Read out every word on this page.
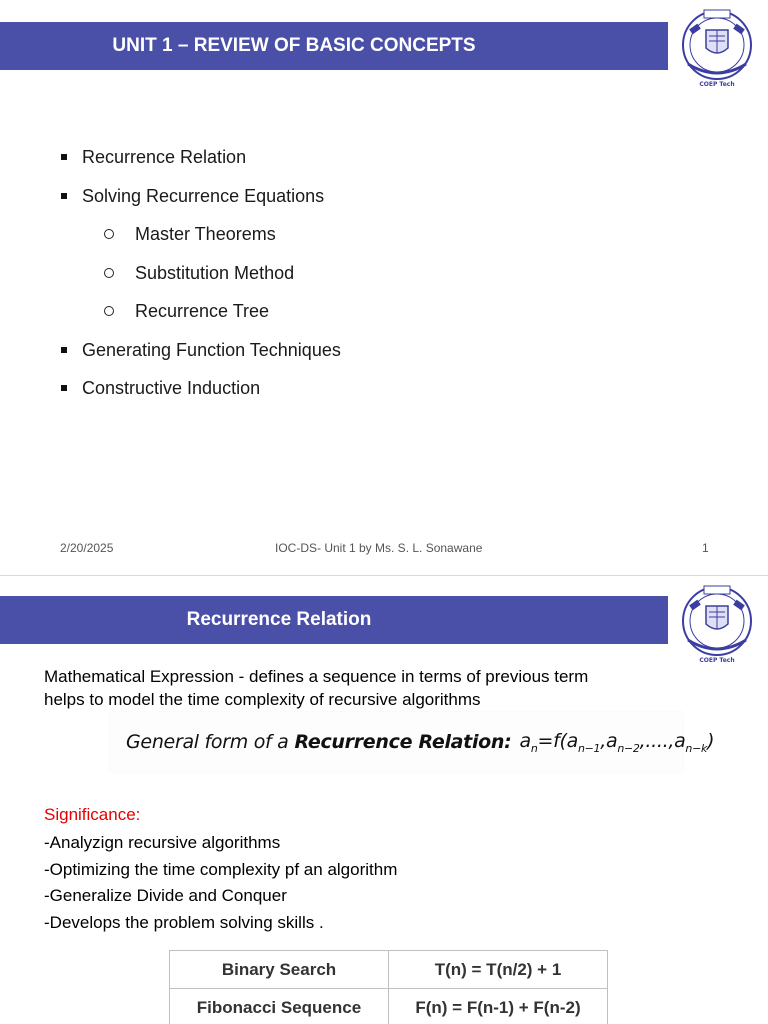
UNIT 1 – REVIEW OF BASIC CONCEPTS
COEP Tech
Recurrence Relation
Solving Recurrence Equations
Master Theorems
Substitution Method
Recurrence Tree
Generating Function Techniques
Constructive Induction
2/20/2025	IOC-DS- Unit 1 by Ms. S. L. Sonawane	1
Recurrence Relation
COEP Tech

Mathematical Expression - defines a sequence in terms of previous term
helps to model the time complexity of recursive algorithms

General form of a Recurrence Relation: $a_n=f(a_{n-1},a_{n-2},....,a_{n-k})$
Significance:
-Analyzign recursive algorithms
-Optimizing the time complexity pf an algorithm
-Generalize Divide and Conquer
-Develops the problem solving skills .
Binary Search	T(n) = T(n/2) + 1
Fibonacci Sequence	F(n) = F(n-1) + F(n-2)
